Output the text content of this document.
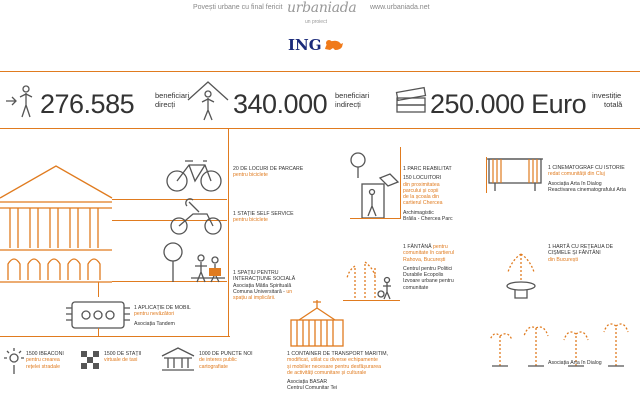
Povești urbane cu final fericit urbaniada www.urbaniada.net
un proiect
ING
276.585	beneficiari
direcți 340.000 beneficiari
indirecți	250.000 Euro investiție
totală
20 DE LOCURI DE PARCARE
pentru biciclete
1 STAȚIE SELF SERVICE
pentru biciclete
1 SPAȚIU PENTRU
INTERACȚIUNE SOCIALĂ
Asociația Mâtla Spirituală
Comuna Universitară - un
spațiu al implicării.
1 APLICAȚIE DE MOBIL
pentru nevăzători
Asociația Tandem
1500 IBEACONI
pentru crearea
rețelei stradale
1500 DE STAȚII
virtuale de taxi
1000 DE PUNCTE NOI
de interes public
cartografiate
1 CONTAINER DE TRANSPORT MARITIM,
modificat, utilat cu diverse echipamente
și mobilier necesare pentru desfășurarea
de activități comunitare și culturale
Asociația BASAR
Centrul Comunitar Tei
1 PARC REABILITAT
150 LOCUITORI
din proximitatea
parcului și copii
de la școala din
cartierul Chercea
Archimagistic
Brăila - Chercea Parc
1 FÂNTÂNĂ pentru
comunitate în cartierul
Rahova, București
Centrul pentru Politici
Durabile Ecopolis
Izvoare urbane pentru
comunitate
1 CINEMATOGRAF CU ISTORIE
redat comunității din Cluj
Asociația Arta în Dialog
Reactivarea cinematografului Arta
1 HARTĂ CU REȚEAUA DE
CIȘMELE ȘI FÂNTÂNI
din București
Asociația Arta în Dialog
